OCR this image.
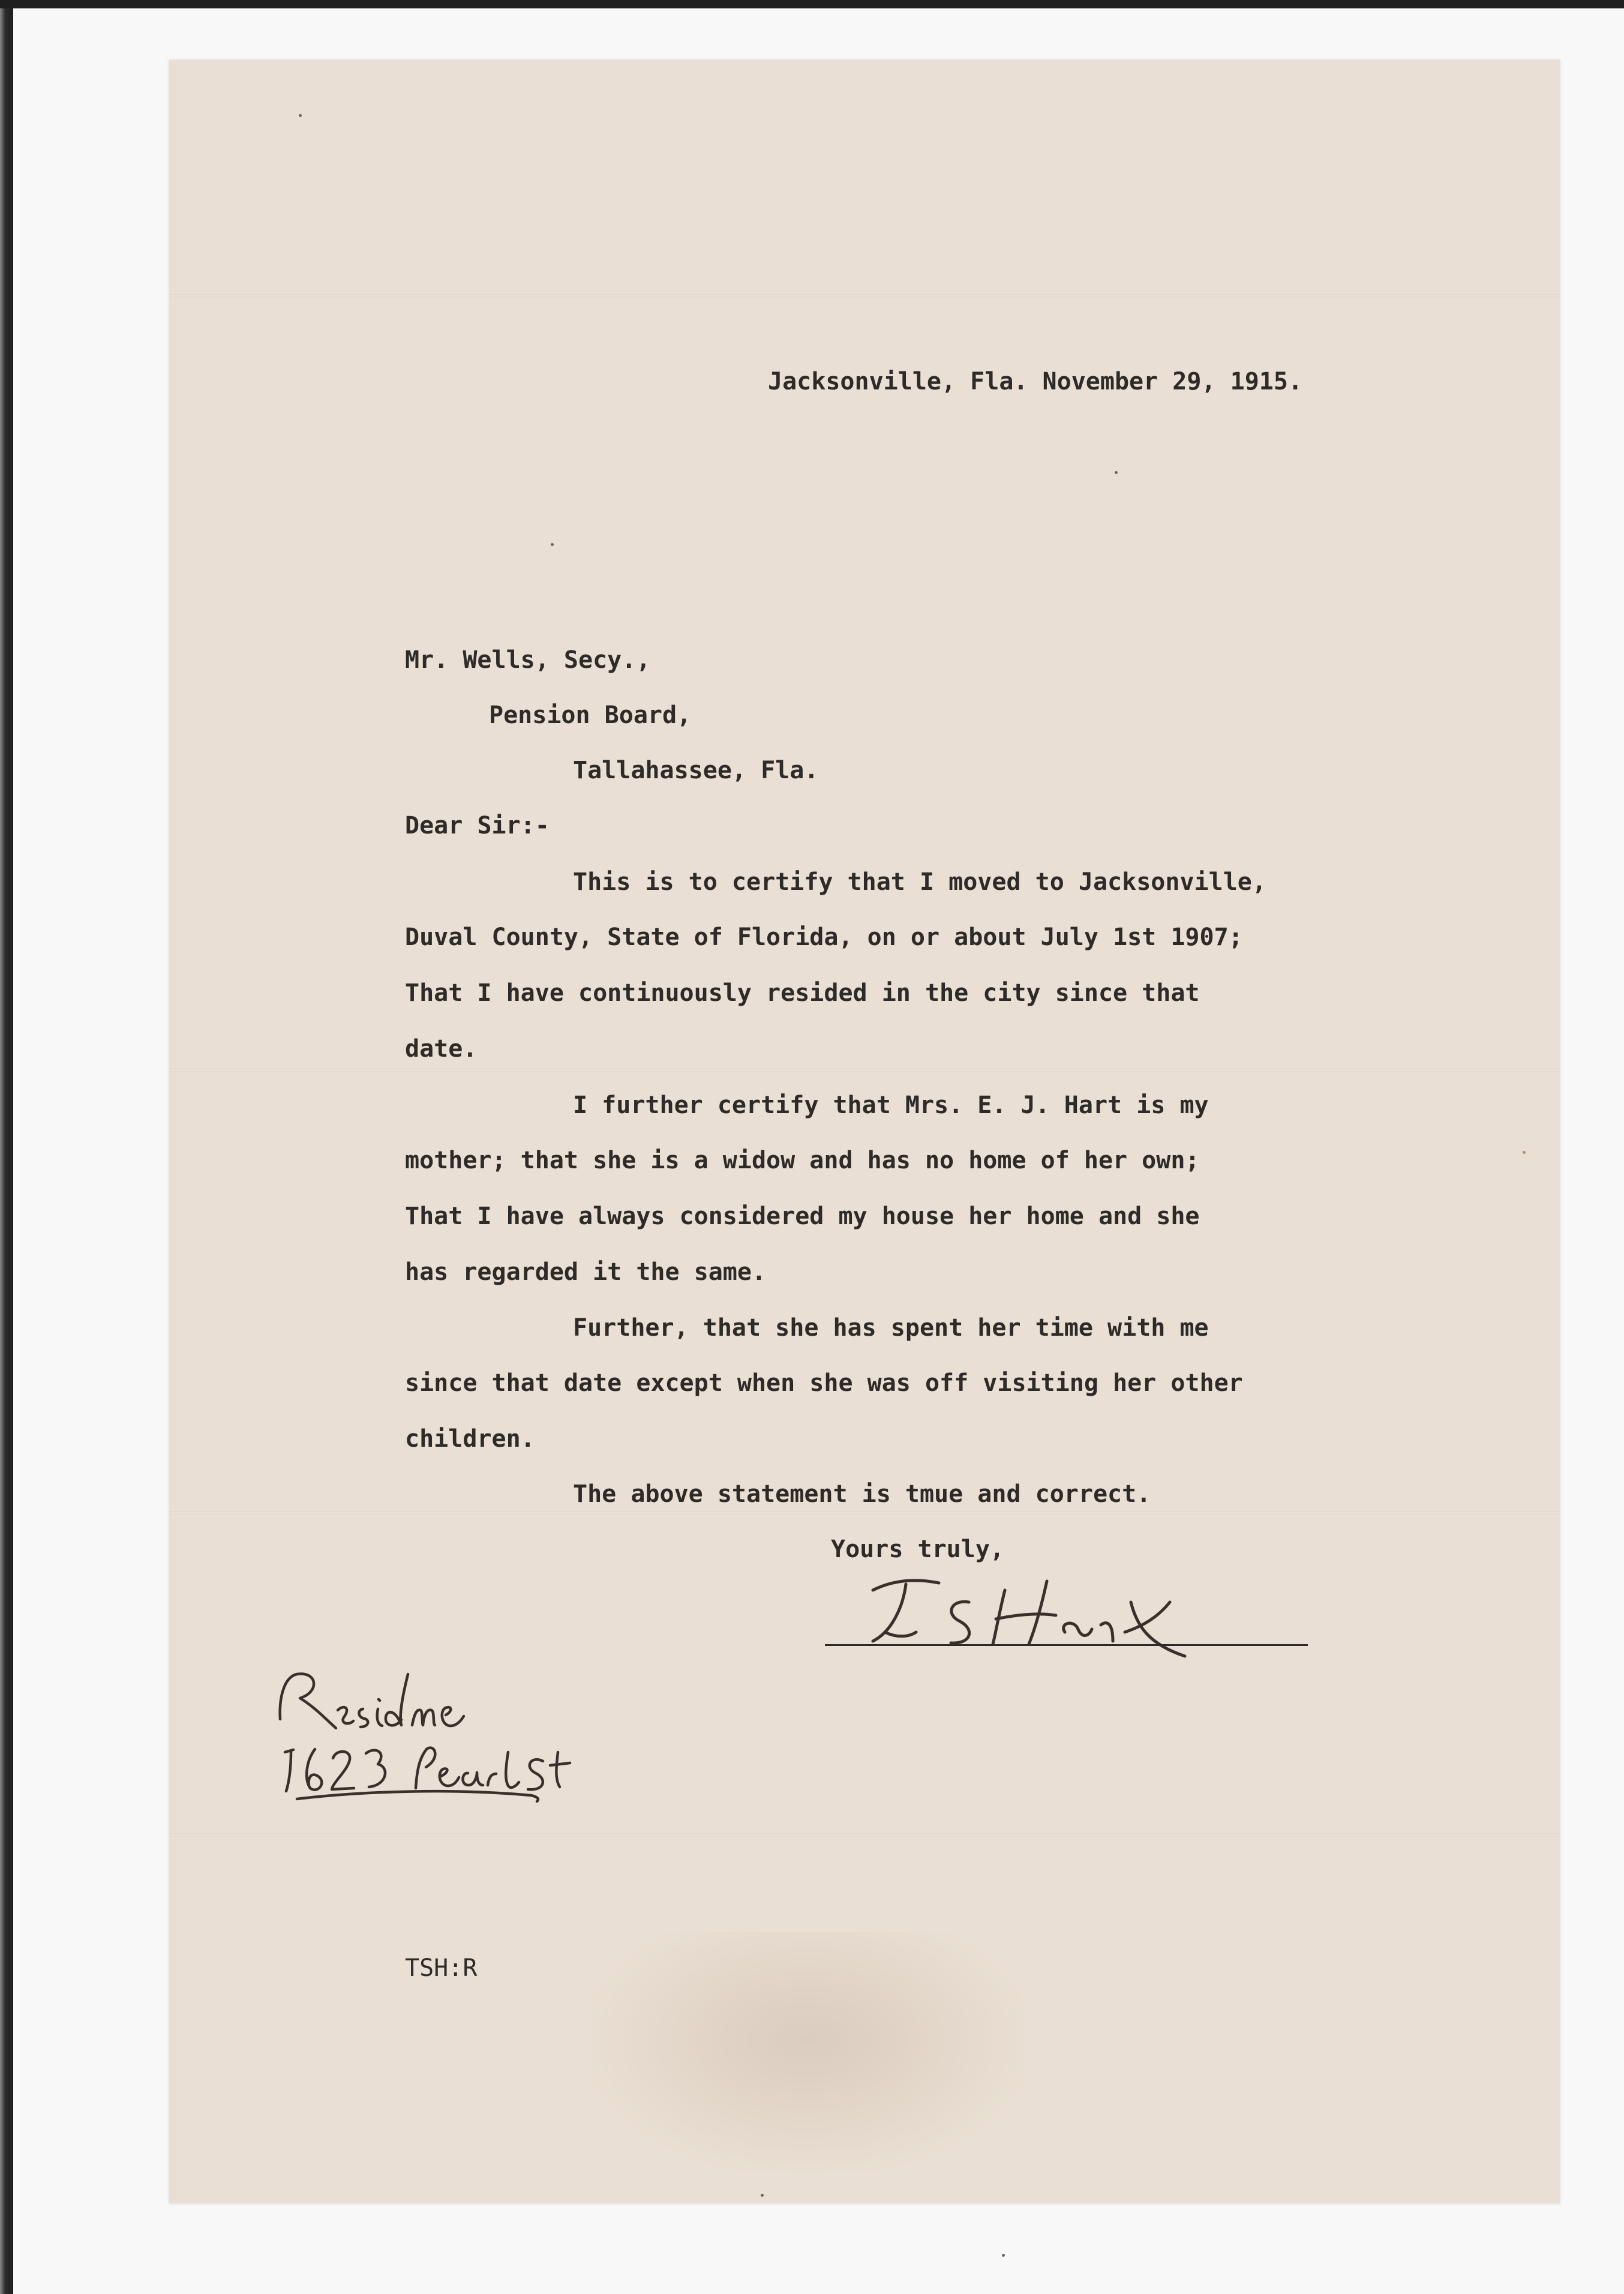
Jacksonville, Fla. November 29, 1915.

Mr. Wells, Secy.,

Pension Board,

Tallahassee, Fla.

Dear Sir:-

This is to certify that I moved to Jacksonville,

Duval County, State of Florida, on or about July 1st 1907;

That I have continuously resided in the city since that

date.

I further certify that Mrs. E. J. Hart is my

mother; that she is a widow and has no home of her own;

That I have always considered my house her home and she

has regarded it the same.

Further, that she has spent her time with me

since that date except when she was off visiting her other

children.

The above statement is tmue and correct.

Yours truly,

TSH:R
